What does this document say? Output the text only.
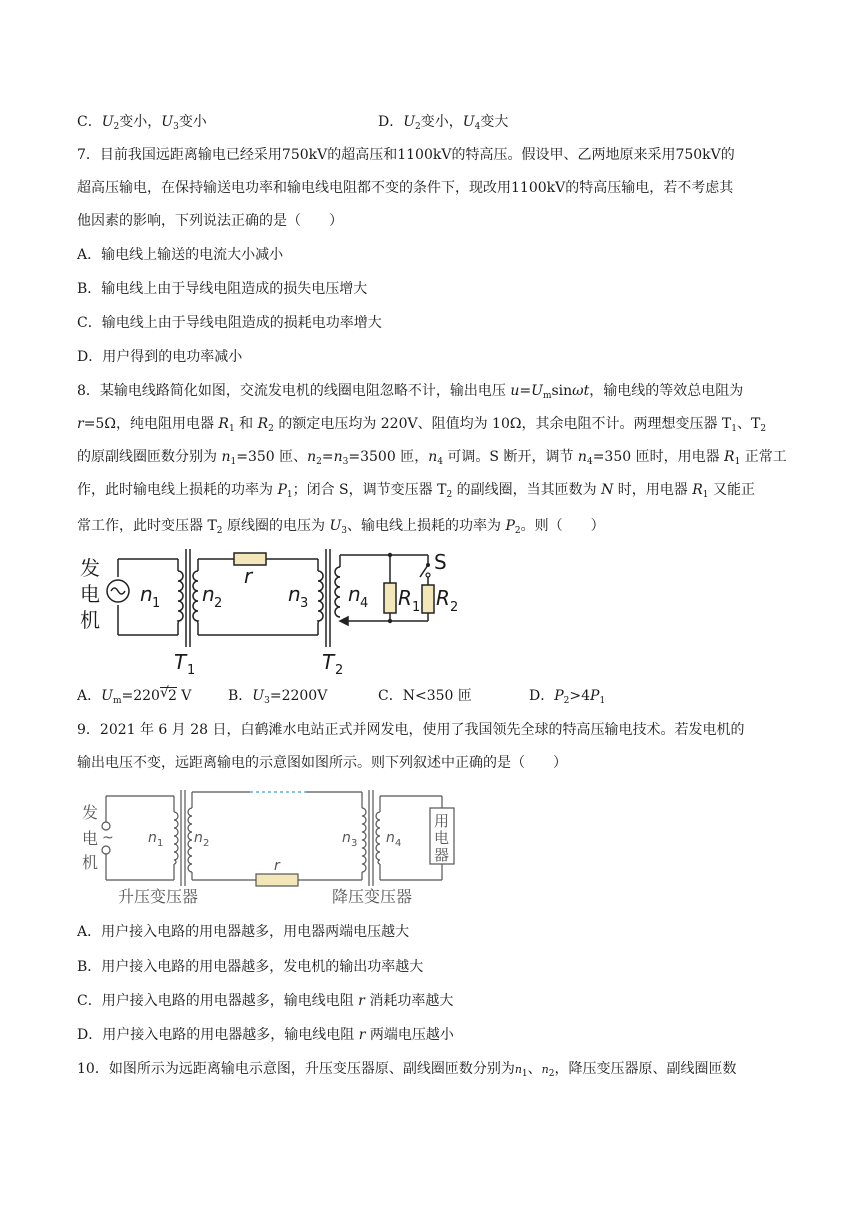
C．$U_2$变小，$U_3$变小	D．$U_2$变小，$U_4$变大
7．目前我国远距离输电已经采用750kV的超高压和1100kV的特高压。假设甲、乙两地原来采用750kV的
超高压输电，在保持输送电功率和输电线电阻都不变的条件下，现改用1100kV的特高压输电，若不考虑其
他因素的影响，下列说法正确的是（　　）
A．输电线上输送的电流大小减小
B．输电线上由于导线电阻造成的损失电压增大
C．输电线上由于导线电阻造成的损耗电功率增大
D．用户得到的电功率减小
8．某输电线路简化如图，交流发电机的线圈电阻忽略不计，输出电压 $u=U_m\sin\omega t$，输电线的等效总电阻为
r=5Ω，纯电阻用电器 $R_1$ 和 $R_2$ 的额定电压均为 220V、阻值均为 10Ω，其余电阻不计。两理想变压器 $T_1$、$T_2$
的原副线圈匝数分别为 $n_1=350$ 匝、$n_2=n_3=3500$ 匝，$n_4$ 可调。S 断开，调节 $n_4=350$ 匝时，用电器 $R_1$ 正常工
作，此时输电线上损耗的功率为 $P_1$；闭合 S，调节变压器 $T_2$ 的副线圈，当其匝数为 N 时，用电器 $R_1$ 又能正
常工作，此时变压器 $T_2$ 原线圈的电压为 $U_3$、输电线上损耗的功率为 $P_2$。则（　　）
发
电
机
n 1 n 2
r
n 3 n 4 R 1 R 2
S
T 1	T 2
A．$U_m=220$ √ 2 V	B．$U_3=2200V$	C．N<350 匝	D．$P_2>4P_1$
9．2021 年 6 月 28 日，白鹤滩水电站正式并网发电，使用了我国领先全球的特高压输电技术。若发电机的
输出电压不变，远距离输电的示意图如图所示。则下列叙述中正确的是（　　）
发
电
机
~ n 1 n 2
r
n 3 n 4
用
电
器
升压变压器	降压变压器
A．用户接入电路的用电器越多，用电器两端电压越大
B．用户接入电路的用电器越多，发电机的输出功率越大
C．用户接入电路的用电器越多，输电线电阻 r 消耗功率越大
D．用户接入电路的用电器越多，输电线电阻 r 两端电压越小
10．如图所示为远距离输电示意图，升压变压器原、副线圈匝数分别为$n_1$、$n_2$，降压变压器原、副线圈匝数
